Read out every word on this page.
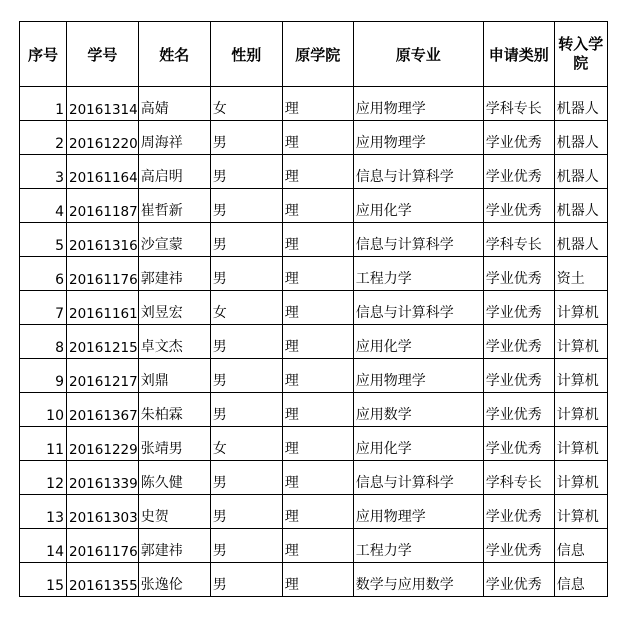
序号	学号	姓名	性别	原学院	原专业	申请类别	转入学院
1	20161314	高婧	女	理	应用物理学	学科专长	机器人
2	20161220	周海祥	男	理	应用物理学	学业优秀	机器人
3	20161164	高启明	男	理	信息与计算科学	学业优秀	机器人
4	20161187	崔哲新	男	理	应用化学	学业优秀	机器人
5	20161316	沙宣蒙	男	理	信息与计算科学	学科专长	机器人
6	20161176	郭建祎	男	理	工程力学	学业优秀	资土
7	20161161	刘昱宏	女	理	信息与计算科学	学业优秀	计算机
8	20161215	卓文杰	男	理	应用化学	学业优秀	计算机
9	20161217	刘鼎	男	理	应用物理学	学业优秀	计算机
10	20161367	朱柏霖	男	理	应用数学	学业优秀	计算机
11	20161229	张靖男	女	理	应用化学	学业优秀	计算机
12	20161339	陈久健	男	理	信息与计算科学	学科专长	计算机
13	20161303	史贺	男	理	应用物理学	学业优秀	计算机
14	20161176	郭建祎	男	理	工程力学	学业优秀	信息
15	20161355	张逸伦	男	理	数学与应用数学	学业优秀	信息
